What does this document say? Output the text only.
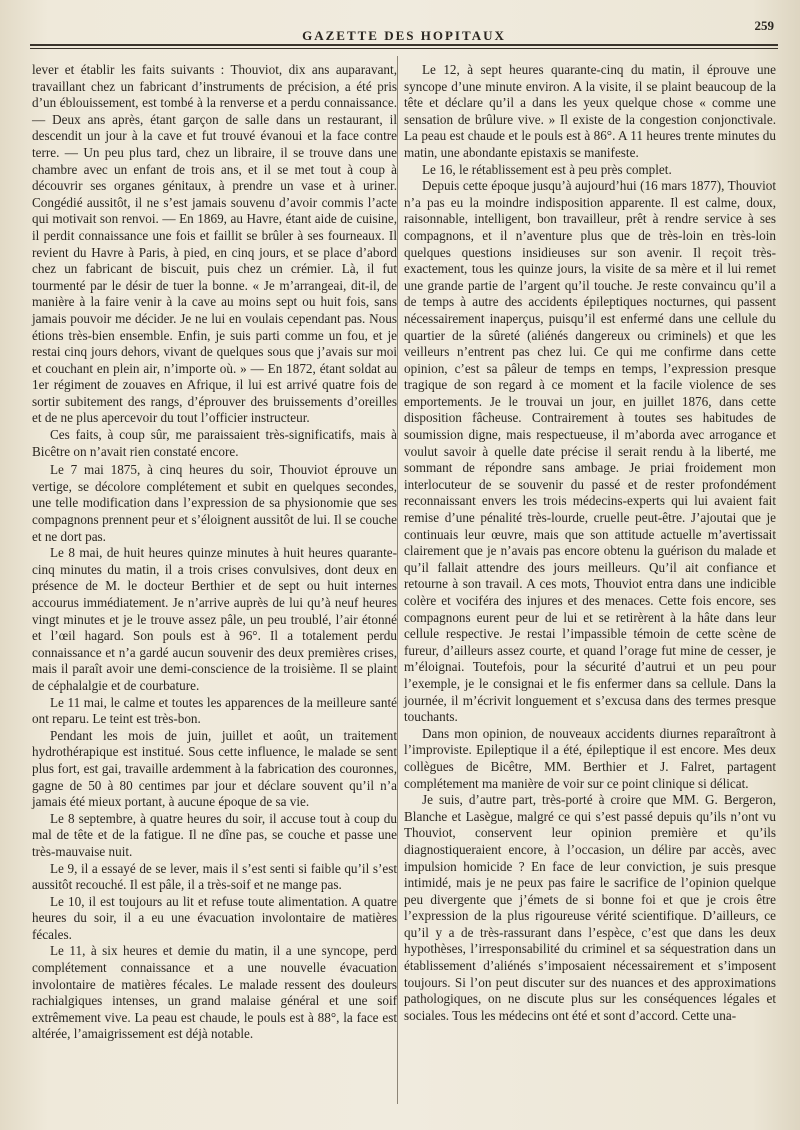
GAZETTE DES HOPITAUX
259

lever et établir les faits suivants : Thouviot, dix ans auparavant, travaillant chez un fabricant d’instruments de précision, a été pris d’un éblouissement, est tombé à la renverse et a perdu connaissance.— Deux ans après, étant garçon de salle dans un restaurant, il descendit un jour à la cave et fut trouvé évanoui et la face contre terre. — Un peu plus tard, chez un libraire, il se trouve dans une chambre avec un enfant de trois ans, et il se met tout à coup à découvrir ses organes génitaux, à prendre un vase et à uriner. Congédié aussitôt, il ne s’est jamais souvenu d’avoir commis l’acte qui motivait son renvoi. — En 1869, au Havre, étant aide de cuisine, il perdit connaissance une fois et faillit se brûler à ses fourneaux. Il revient du Havre à Paris, à pied, en cinq jours, et se place d’abord chez un fabricant de biscuit, puis chez un crémier. Là, il fut tourmenté par le désir de tuer la bonne. « Je m’arrangeai, dit-il, de manière à la faire venir à la cave au moins sept ou huit fois, sans jamais pouvoir me décider. Je ne lui en voulais cependant pas. Nous étions très-bien ensemble. Enfin, je suis parti comme un fou, et je restai cinq jours dehors, vivant de quelques sous que j’avais sur moi et couchant en plein air, n’importe où. » — En 1872, étant soldat au 1er régiment de zouaves en Afrique, il lui est arrivé quatre fois de sortir subitement des rangs, d’éprouver des bruissements d’oreilles et de ne plus apercevoir du tout l’officier instructeur.

Ces faits, à coup sûr, me paraissaient très-significatifs, mais à Bicêtre on n’avait rien constaté encore.

Le 7 mai 1875, à cinq heures du soir, Thouviot éprouve un vertige, se décolore complétement et subit en quelques secondes, une telle modification dans l’expression de sa physionomie que ses compagnons prennent peur et s’éloignent aussitôt de lui. Il se couche et ne dort pas.

Le 8 mai, de huit heures quinze minutes à huit heures quarante-cinq minutes du matin, il a trois crises convulsives, dont deux en présence de M. le docteur Berthier et de sept ou huit internes accourus immédiatement. Je n’arrive auprès de lui qu’à neuf heures vingt minutes et je le trouve assez pâle, un peu troublé, l’air étonné et l’œil hagard. Son pouls est à 96°. Il a totalement perdu connaissance et n’a gardé aucun souvenir des deux premières crises, mais il paraît avoir une demi-conscience de la troisième. Il se plaint de céphalalgie et de courbature.

Le 11 mai, le calme et toutes les apparences de la meilleure santé ont reparu. Le teint est très-bon.

Pendant les mois de juin, juillet et août, un traitement hydrothérapique est institué. Sous cette influence, le malade se sent plus fort, est gai, travaille ardemment à la fabrication des couronnes, gagne de 50 à 80 centimes par jour et déclare souvent qu’il n’a jamais été mieux portant, à aucune époque de sa vie.

Le 8 septembre, à quatre heures du soir, il accuse tout à coup du mal de tête et de la fatigue. Il ne dîne pas, se couche et passe une très-mauvaise nuit.

Le 9, il a essayé de se lever, mais il s’est senti si faible qu’il s’est aussitôt recouché. Il est pâle, il a très-soif et ne mange pas.

Le 10, il est toujours au lit et refuse toute alimentation. A quatre heures du soir, il a eu une évacuation involontaire de matières fécales.

Le 11, à six heures et demie du matin, il a une syncope, perd complétement connaissance et a une nouvelle évacuation involontaire de matières fécales. Le malade ressent des douleurs rachialgiques intenses, un grand malaise général et une soif extrêmement vive. La peau est chaude, le pouls est à 88°, la face est altérée, l’amaigrissement est déjà notable.

Le 12, à sept heures quarante-cinq du matin, il éprouve une syncope d’une minute environ. A la visite, il se plaint beaucoup de la tête et déclare qu’il a dans les yeux quelque chose « comme une sensation de brûlure vive. » Il existe de la congestion conjonctivale. La peau est chaude et le pouls est à 86°. A 11 heures trente minutes du matin, une abondante epistaxis se manifeste.

Le 16, le rétablissement est à peu près complet.

Depuis cette époque jusqu’à aujourd’hui (16 mars 1877), Thouviot n’a pas eu la moindre indisposition apparente. Il est calme, doux, raisonnable, intelligent, bon travailleur, prêt à rendre service à ses compagnons, et il n’aventure plus que de très-loin en très-loin quelques questions insidieuses sur son avenir. Il reçoit très-exactement, tous les quinze jours, la visite de sa mère et il lui remet une grande partie de l’argent qu’il touche. Je reste convaincu qu’il a de temps à autre des accidents épileptiques nocturnes, qui passent nécessairement inaperçus, puisqu’il est enfermé dans une cellule du quartier de la sûreté (aliénés dangereux ou criminels) et que les veilleurs n’entrent pas chez lui. Ce qui me confirme dans cette opinion, c’est sa pâleur de temps en temps, l’expression presque tragique de son regard à ce moment et la facile violence de ses emportements. Je le trouvai un jour, en juillet 1876, dans cette disposition fâcheuse. Contrairement à toutes ses habitudes de soumission digne, mais respectueuse, il m’aborda avec arrogance et voulut savoir à quelle date précise il serait rendu à la liberté, me sommant de répondre sans ambage. Je priai froidement mon interlocuteur de se souvenir du passé et de rester profondément reconnaissant envers les trois médecins-experts qui lui avaient fait remise d’une pénalité très-lourde, cruelle peut-être. J’ajoutai que je continuais leur œuvre, mais que son attitude actuelle m’avertissait clairement que je n’avais pas encore obtenu la guérison du malade et qu’il fallait attendre des jours meilleurs. Qu’il ait confiance et retourne à son travail. A ces mots, Thouviot entra dans une indicible colère et vociféra des injures et des menaces. Cette fois encore, ses compagnons eurent peur de lui et se retirèrent à la hâte dans leur cellule respective. Je restai l’impassible témoin de cette scène de fureur, d’ailleurs assez courte, et quand l’orage fut mine de cesser, je m’éloignai. Toutefois, pour la sécurité d’autrui et un peu pour l’exemple, je le consignai et le fis enfermer dans sa cellule. Dans la journée, il m’écrivit longuement et s’excusa dans des termes presque touchants.

Dans mon opinion, de nouveaux accidents diurnes reparaîtront à l’improviste. Epileptique il a été, épileptique il est encore. Mes deux collègues de Bicêtre, MM. Berthier et J. Falret, partagent complétement ma manière de voir sur ce point clinique si délicat.

Je suis, d’autre part, très-porté à croire que MM. G. Bergeron, Blanche et Lasègue, malgré ce qui s’est passé depuis qu’ils n’ont vu Thouviot, conservent leur opinion première et qu’ils diagnostiqueraient encore, à l’occasion, un délire par accès, avec impulsion homicide ? En face de leur conviction, je suis presque intimidé, mais je ne peux pas faire le sacrifice de l’opinion quelque peu divergente que j’émets de si bonne foi et que je crois être l’expression de la plus rigoureuse vérité scientifique. D’ailleurs, ce qu’il y a de très-rassurant dans l’espèce, c’est que dans les deux hypothèses, l’irresponsabilité du criminel et sa séquestration dans un établissement d’aliénés s’imposaient nécessairement et s’imposent toujours. Si l’on peut discuter sur des nuances et des approximations pathologiques, on ne discute plus sur les conséquences légales et sociales. Tous les médecins ont été et sont d’accord. Cette una-
